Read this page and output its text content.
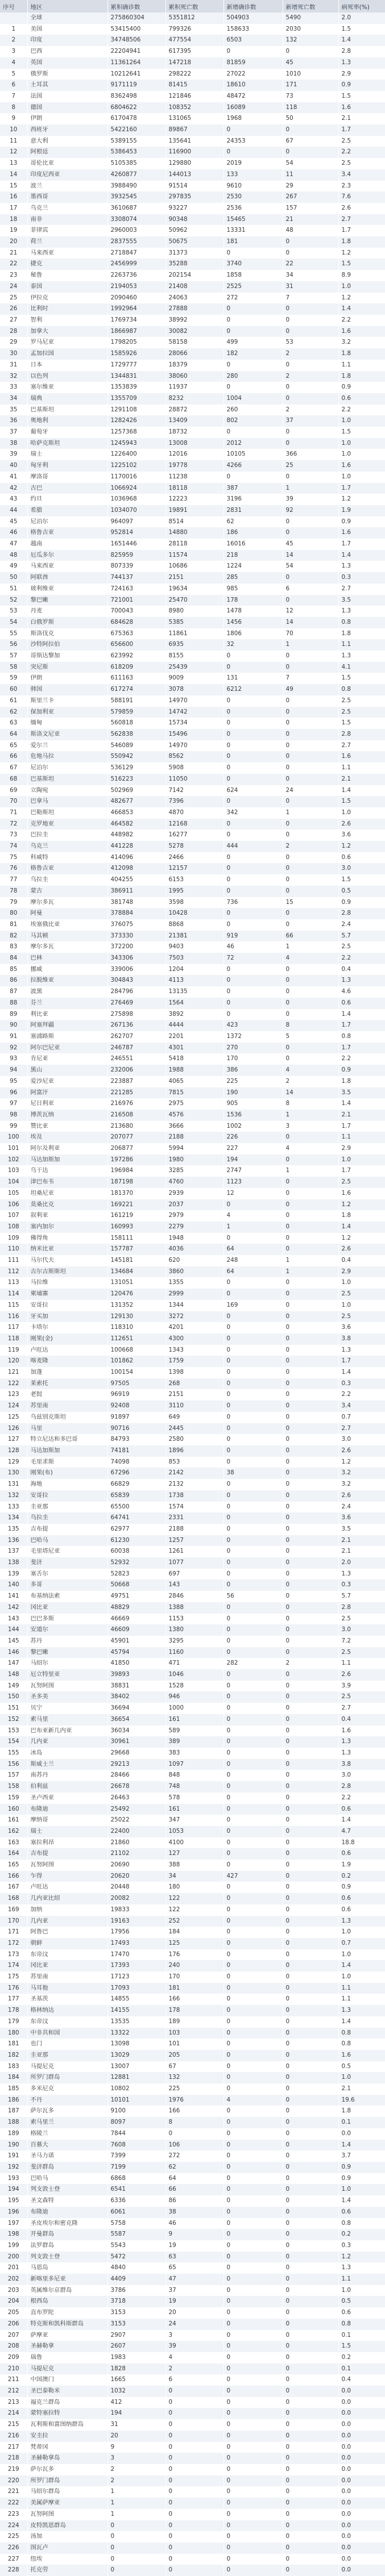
序号	地区	累积确诊数	累积死亡数	新增确诊数	新增死亡数	病死率(%)
	全球	275860304	5351812	504903	5490	2.0
1	美国	53415400	799326	158633	2030	1.5
2	印度	34748506	477554	6503	132	1.4
3	巴西	22204941	617395	0	0	2.8
4	英国	11361264	147218	81859	45	1.3
5	俄罗斯	10212641	298222	27022	1010	2.9
6	土耳其	9171119	81415	18610	171	0.9
7	法国	8362498	121846	48472	73	1.5
8	德国	6804622	108352	16089	118	1.6
9	伊朗	6170478	131065	1968	50	2.1
10	西班牙	5422160	89867	0	0	1.7
11	意大利	5389155	135641	24353	67	2.5
12	阿根廷	5386453	116900	0	0	2.2
13	哥伦比亚	5105385	129880	2019	54	2.5
14	印度尼西亚	4260877	144013	133	11	3.4
15	波兰	3988490	91514	9610	29	2.3
16	墨西哥	3932545	297835	2530	267	7.6
17	乌克兰	3610687	93227	2536	157	2.6
18	南非	3308074	90348	15465	21	2.7
19	菲律宾	2960003	50962	13331	48	1.7
20	荷兰	2837555	50675	181	0	1.8
21	马来西亚	2718847	31373	0	0	1.2
22	捷克	2456999	35288	3740	22	1.5
23	秘鲁	2263736	202154	1858	34	8.9
24	泰国	2194053	21408	2525	31	1.0
25	伊拉克	2090460	24063	272	7	1.2
26	比利时	1992964	27888	0	0	1.4
27	智利	1769734	38992	0	0	2.2
28	加拿大	1866987	30082	0	0	1.6
29	罗马尼亚	1798205	58158	499	53	3.2
30	孟加拉国	1585926	28066	182	2	1.8
31	日本	1729777	18379	0	0	1.1
32	以色列	1344831	38060	280	2	1.8
33	塞尔维亚	1353839	11937	0	0	0.9
34	瑞典	1355709	8232	1004	0	0.6
35	巴基斯坦	1291108	28872	260	2	2.2
36	奥地利	1282426	13409	802	37	1.0
37	葡萄牙	1257368	18732	0	0	1.5
38	哈萨克斯坦	1245943	13008	2012	0	1.0
39	瑞士	1226400	12016	10105	366	1.0
40	匈牙利	1225102	19778	4266	25	1.6
41	摩洛哥	1170016	11238	0	0	1.0
42	古巴	1066924	18118	387	1	1.7
43	约旦	1036968	12223	3196	39	1.2
44	希腊	1034070	19891	2831	92	1.9
45	尼泊尔	964097	8514	62	0	0.9
46	格鲁吉亚	952814	14880	186	0	1.6
47	越南	1651446	28118	16016	45	1.7
48	厄瓜多尔	825959	11574	218	14	1.4
49	马来西亚	807339	10686	1224	54	1.3
50	阿联酋	744137	2151	285	0	0.3
51	玻利维亚	724163	19634	985	6	2.7
52	黎巴嫩	721001	25470	178	0	3.5
53	丹麦	700043	8980	1478	12	1.3
54	白俄罗斯	684628	5385	1456	14	0.8
55	斯洛伐克	675363	11861	1806	70	1.8
56	沙特阿拉伯	656600	6935	32	1	1.1
57	哥斯达黎加	623992	8155	0	0	1.3
58	突尼斯	618209	25439	0	0	4.1
59	伊朗	611163	9009	131	7	1.5
60	韩国	617274	3078	6212	49	0.8
61	斯里兰卡	588191	14970	0	0	2.5
62	保加利亚	579859	14742	0	0	2.5
63	缅甸	560818	15734	0	0	1.5
64	斯洛文尼亚	562838	15496	0	0	2.8
65	爱尔兰	546089	14970	0	0	2.7
66	危地马拉	550942	8562	0	0	1.6
67	尼泊尔	536129	5908	0	0	1.1
68	巴基斯坦	516223	11050	0	0	2.1
69	立陶宛	502969	7142	624	24	1.4
70	巴拿马	482677	7396	0	0	1.5
71	巴勒斯坦	466853	4870	342	1	1.0
72	克罗地亚	464582	12168	0	0	2.6
73	巴拉圭	448982	16277	0	0	3.6
74	乌克兰	441228	5278	444	2	1.2
75	科威特	414096	2466	0	0	0.6
76	格鲁吉亚	412098	12157	0	0	3.0
77	乌拉圭	404255	6153	0	0	1.5
78	蒙古	386911	1995	0	0	0.5
79	摩尔多瓦	381748	3598	736	15	0.9
80	阿曼	378884	10428	0	0	2.8
81	埃塞俄比亚	376075	8868	0	0	2.4
82	马其顿	373330	21381	919	66	5.7
83	摩尔多瓦	372200	9403	46	1	2.5
84	巴林	343306	7503	72	4	2.2
85	挪威	339006	1204	0	0	0.4
86	拉脱维亚	304843	4113	0	0	1.3
87	波黑	284796	13135	0	0	4.6
88	芬兰	276469	1564	0	0	0.6
89	利比亚	275898	3892	0	0	1.4
90	阿塞拜疆	267136	4444	423	8	1.7
91	塞浦路斯	262707	2201	1372	5	0.8
92	阿尔巴尼亚	246787	4301	270	0	1.7
93	肯尼亚	246551	5418	170	0	2.2
94	黑山	232006	1988	386	4	0.9
95	爱沙尼亚	223887	4065	225	2	1.8
96	阿富汗	221285	7815	190	14	3.5
97	尼日利亚	216976	2975	905	8	1.4
98	博茨瓦纳	216508	4576	1536	1	2.1
99	赞比亚	213680	3666	1002	3	1.7
100	埃及	207077	2188	226	0	1.1
101	阿尔及利亚	206877	5994	227	4	2.9
102	马达加斯加	197286	1980	194	0	1.0
103	乌干达	196984	3285	2747	1	1.7
104	津巴布韦	187198	4760	1123	0	2.5
105	坦桑尼亚	181370	2939	12	0	1.6
106	莫桑比克	169221	2037	0	0	1.2
107	叙利亚	161219	2979	4	0	1.8
108	塞内加尔	160993	2279	1	0	1.4
109	佛得角	158111	1948	0	0	1.2
110	纳米比亚	157787	4036	64	0	2.6
111	马尔代夫	145181	620	248	1	0.4
112	吉尔吉斯斯坦	134684	3860	64	1	2.9
113	马拉维	131051	1355	0	0	1.0
114	柬埔寨	120476	2999	0	0	2.5
115	安哥拉	131352	1344	169	0	1.0
116	牙买加	129130	3272	0	0	2.5
117	卡塔尔	118310	4201	0	0	3.6
118	刚果(金)	112651	4300	0	0	3.8
119	卢旺达	100668	1343	0	0	1.3
120	喀麦隆	101862	1759	0	0	1.7
121	加蓬	100154	1398	0	0	1.4
122	莱索托	97505	268	0	0	0.3
123	老挝	96919	2151	0	0	2.2
124	苏里南	92408	3110	0	0	3.4
125	乌兹别克斯坦	91897	649	0	0	0.7
126	马里	90716	2445	0	0	2.7
127	特立尼达和多巴哥	84793	2580	0	0	3.0
128	马达加斯加	74181	1896	0	0	2.6
129	毛里求斯	74098	853	0	0	1.2
130	刚果(布)	67296	2142	38	0	3.2
131	海地	66829	2132	0	0	3.2
132	安哥拉	65839	1738	0	0	2.6
133	圭亚那	65500	1574	0	0	2.4
134	乌拉圭	64741	2331	0	0	3.6
135	吉布提	62977	2188	0	0	3.5
136	巴哈马	61230	1257	0	0	2.1
137	毛里塔尼亚	60038	1261	0	0	2.1
138	斐济	52932	1077	0	0	2.0
139	塞舌尔	52823	697	0	0	1.3
140	多哥	50668	143	0	0	0.3
141	布基纳法索	49751	2846	56	0	5.7
142	冈比亚	48829	1388	0	0	2.8
143	巴巴多斯	46669	1153	0	0	2.5
144	安道尔	46609	1380	0	0	3.0
145	苏丹	45901	3295	0	0	7.2
146	黎巴嫩	45794	1160	0	0	2.5
147	马绍尔	41850	471	282	2	1.1
148	厄立特里亚	39893	1046	0	0	2.6
149	瓦努阿图	38831	1528	0	0	3.9
150	圣多美	38402	946	0	0	2.5
151	贝宁	36694	1000	0	0	2.7
152	索马里	36654	161	0	0	0.4
153	巴布亚新几内亚	36034	589	0	0	1.6
154	几内亚	30961	389	0	0	1.3
155	冰岛	29668	383	0	0	1.3
156	斯威士兰	29213	1097	0	0	3.8
157	南苏丹	28466	848	0	0	3.0
158	伯利兹	26678	748	0	0	2.8
159	圣卢西亚	26463	578	0	0	2.2
160	布隆迪	25492	161	0	0	0.6
161	摩纳哥	25022	347	0	0	1.4
162	瑞士	22400	1053	0	0	4.7
163	塞拉利昂	21860	4100	0	0	18.8
164	吉布提	21102	127	0	0	0.6
165	瓦努阿图	20690	388	0	0	1.9
166	乍得	20620	34	427	0	0.2
167	卢旺达	20448	180	0	0	0.9
168	几内亚比绍	20082	122	0	0	0.6
169	加纳	19833	122	0	0	0.6
170	几内亚	19163	252	0	0	1.3
171	阿鲁巴	17956	184	0	0	1.0
172	朝鲜	17493	125	0	0	0.7
173	东帝汶	17470	176	0	0	1.0
174	冈比亚	17393	240	0	0	1.4
175	苏里南	17123	170	0	0	1.0
176	马耳他	17093	181	0	0	1.1
177	圣基茨	14855	166	0	0	1.1
178	格林纳达	14155	178	0	0	1.3
179	东帝汶	13535	189	0	0	1.4
180	中非共和国	13322	103	0	0	0.8
181	也门	13098	101	0	0	0.8
182	圭亚那	13029	205	0	0	1.6
183	马提尼克	13007	67	0	0	0.5
184	所罗门群岛	12881	132	0	0	1.0
185	多米尼克	10802	225	0	0	2.1
186	不丹	10101	1976	4	0	19.6
187	萨尔瓦多	9100	166	0	0	1.8
188	索马里兰	8097	8	0	0	0.1
189	格陵兰	7844	0	0	0	0.0
190	百慕大	7608	106	0	0	1.4
191	圣马力诺	7399	272	0	0	3.7
192	斐济群岛	7199	62	0	0	0.9
193	巴哈马	6868	64	0	0	0.9
194	列支敦士登	6541	66	0	0	1.0
195	圣文森特	6336	86	0	0	1.4
196	布隆迪	6061	38	0	0	0.6
197	圣皮埃尔和密克隆	5758	46	0	0	0.8
198	开曼群岛	5587	9	0	0	0.2
199	法罗群岛	5543	19	0	0	0.3
200	列支敦士登	5472	63	0	0	1.2
201	马恩岛	4840	65	0	0	1.3
202	新喀里多尼亚	4409	47	0	0	1.1
203	英属维尔京群岛	3786	37	0	0	1.0
204	根西岛	3718	19	0	0	0.5
205	直布罗陀	3153	20	0	0	0.6
206	特克斯和凯科斯群岛	3153	24	0	0	0.8
207	萨摩亚	2907	3	0	0	0.1
208	圣赫勒拿	2607	39	0	0	1.5
209	瑙鲁	1983	4	0	0	0.2
210	马提尼克	1828	2	0	0	0.1
211	中国澳门	1665	6	0	0	0.4
212	圣巴泰勒米	1032	0	0	0	0.0
213	福克兰群岛	412	0	0	0	0.0
214	蒙特塞拉特	194	0	0	0	0.0
215	瓦利斯和富图纳群岛	31	0	0	0	0.0
216	安圭拉	20	0	0	0	0.0
217	梵蒂冈	9	0	0	0	0.0
218	圣赫勒拿岛	3	0	0	0	0.0
219	萨尔瓦多	2	0	0	0	0.0
220	所罗门群岛	2	0	0	0	0.0
221	马绍尔群岛	1	0	0	0	0.0
222	美属萨摩亚	1	0	0	0	0.0
223	瓦努阿图	1	0	0	0	0.0
224	皮特凯恩群岛	0	0	0	0	0.0
225	汤加	0	0	0	0	0.0
226	图瓦卢	0	0	0	0	0.0
227	纽埃	0	0	0	0	0.0
228	托克劳	0	0	0	0	0.0
